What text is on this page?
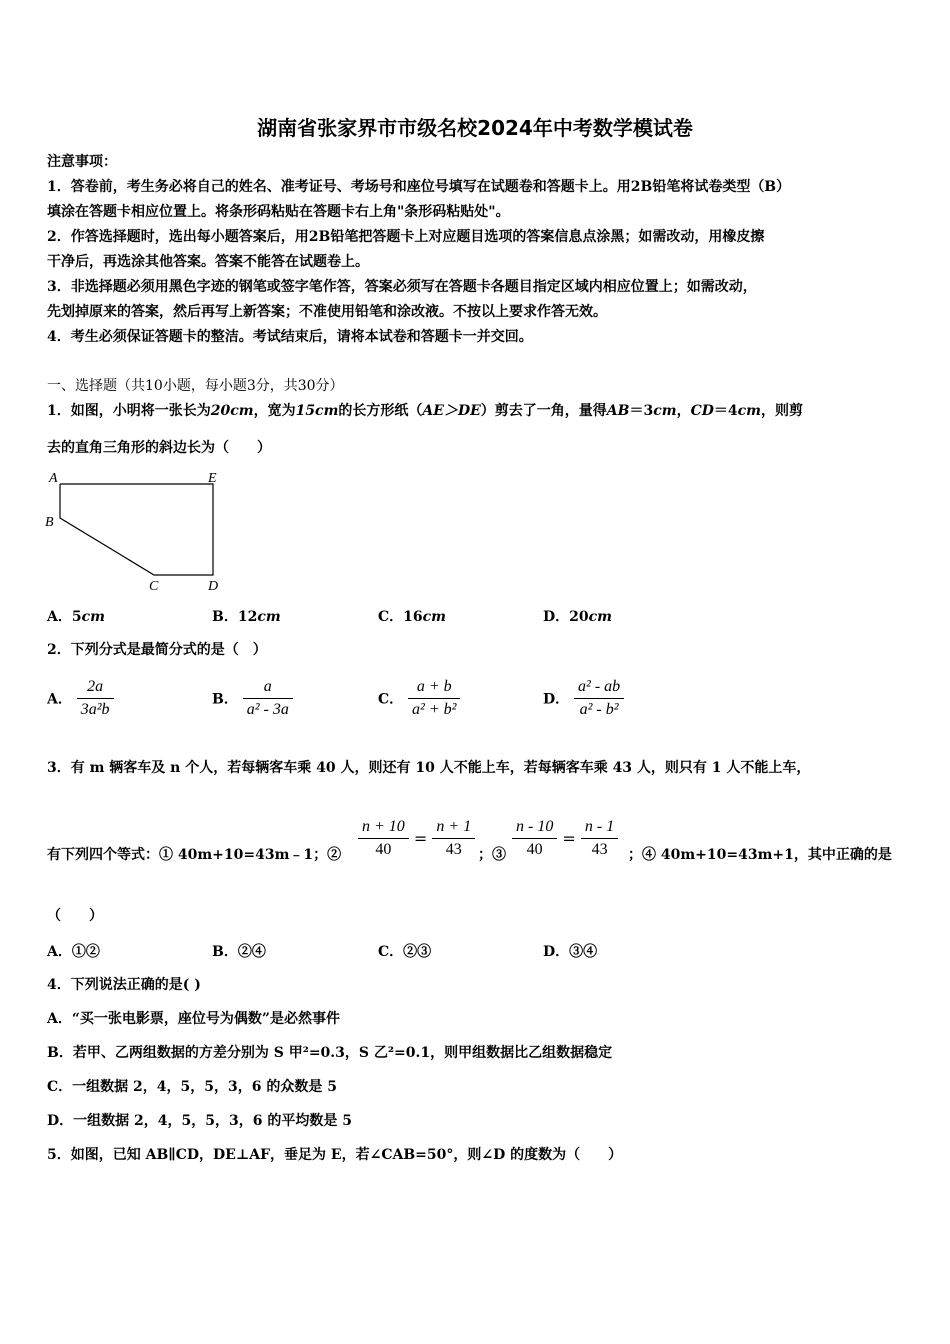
湖南省张家界市市级名校2024年中考数学模试卷
注意事项：
1．答卷前，考生务必将自己的姓名、准考证号、考场号和座位号填写在试题卷和答题卡上。用2B铅笔将试卷类型（B）
填涂在答题卡相应位置上。将条形码粘贴在答题卡右上角"条形码粘贴处"。
2．作答选择题时，选出每小题答案后，用2B铅笔把答题卡上对应题目选项的答案信息点涂黑；如需改动，用橡皮擦
干净后，再选涂其他答案。答案不能答在试题卷上。
3．非选择题必须用黑色字迹的钢笔或签字笔作答，答案必须写在答题卡各题目指定区域内相应位置上；如需改动，
先划掉原来的答案，然后再写上新答案；不准使用铅笔和涂改液。不按以上要求作答无效。
4．考生必须保证答题卡的整洁。考试结束后，请将本试卷和答题卡一并交回。
一、选择题（共10小题，每小题3分，共30分）
1．如图，小明将一张长为20cm，宽为15cm的长方形纸（AE＞DE）剪去了一角，量得AB＝3cm，CD＝4cm，则剪
去的直角三角形的斜边长为（　　）
A	E
B
C	D
A．5cm	B．12cm	C．16cm	D．20cm
2．下列分式是最简分式的是（　）
A． $\frac{2a}{\text{3a²b}}$	B． $\frac{a}{\text{a² - 3a}}$	C． $\frac{a + b}{\text{a² + b²}}$	D． $\frac{\text{a² - ab}}{\text{a² - b²}}$
3．有 m 辆客车及 n 个人，若每辆客车乘 40 人，则还有 10 人不能上车，若每辆客车乘 43 人，则只有 1 人不能上车，
有下列四个等式：① 40m+10=43m﹣1；② $\frac{n + 10}{40} = \frac{n + 1}{43}$ ；③ $\frac{n - 10}{40} = \frac{n - 1}{43}$ ；④ 40m+10=43m+1，其中正确的是
（　　）
A．①②	B．②④	C．②③	D．③④
4．下列说法正确的是( )
A．“买一张电影票，座位号为偶数”是必然事件
B．若甲、乙两组数据的方差分别为 S 甲²=0.3，S 乙²=0.1，则甲组数据比乙组数据稳定
C．一组数据 2，4，5，5，3，6 的众数是 5
D．一组数据 2，4，5，5，3，6 的平均数是 5
5．如图，已知 AB∥CD，DE⊥AF，垂足为 E，若∠CAB=50°，则∠D 的度数为（　　）
